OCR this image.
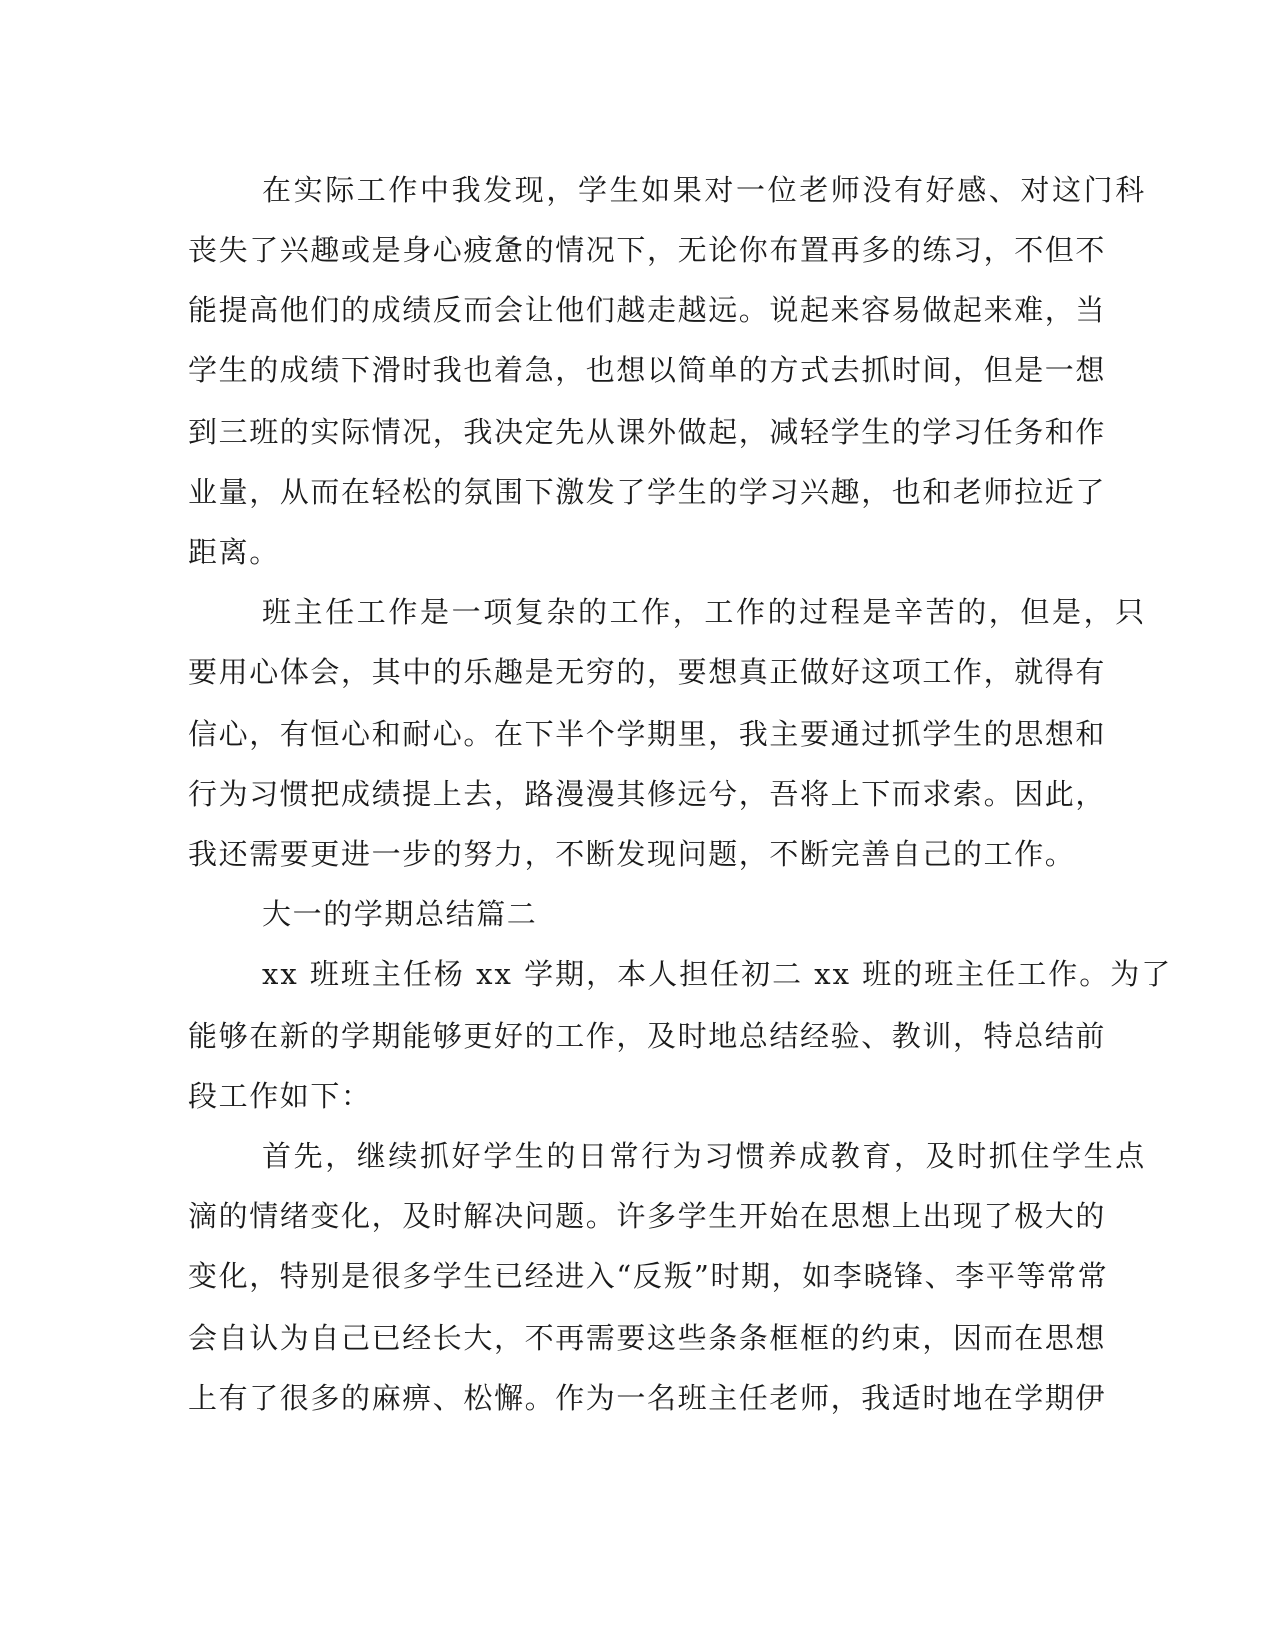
在实际工作中我发现，学生如果对一位老师没有好感、对这门科

丧失了兴趣或是身心疲惫的情况下，无论你布置再多的练习，不但不

能提高他们的成绩反而会让他们越走越远。说起来容易做起来难，当

学生的成绩下滑时我也着急，也想以简单的方式去抓时间，但是一想

到三班的实际情况，我决定先从课外做起，减轻学生的学习任务和作

业量，从而在轻松的氛围下激发了学生的学习兴趣，也和老师拉近了

距离。

班主任工作是一项复杂的工作，工作的过程是辛苦的，但是，只

要用心体会，其中的乐趣是无穷的，要想真正做好这项工作，就得有

信心，有恒心和耐心。在下半个学期里，我主要通过抓学生的思想和

行为习惯把成绩提上去，路漫漫其修远兮，吾将上下而求索。因此，

我还需要更进一步的努力，不断发现问题，不断完善自己的工作。

大一的学期总结篇二

xx 班班主任杨 xx 学期，本人担任初二 xx 班的班主任工作。为了

能够在新的学期能够更好的工作，及时地总结经验、教训，特总结前

段工作如下：

首先，继续抓好学生的日常行为习惯养成教育，及时抓住学生点

滴的情绪变化，及时解决问题。许多学生开始在思想上出现了极大的

变化，特别是很多学生已经进入“反叛”时期，如李晓锋、李平等常常

会自认为自己已经长大，不再需要这些条条框框的约束，因而在思想

上有了很多的麻痹、松懈。作为一名班主任老师，我适时地在学期伊
